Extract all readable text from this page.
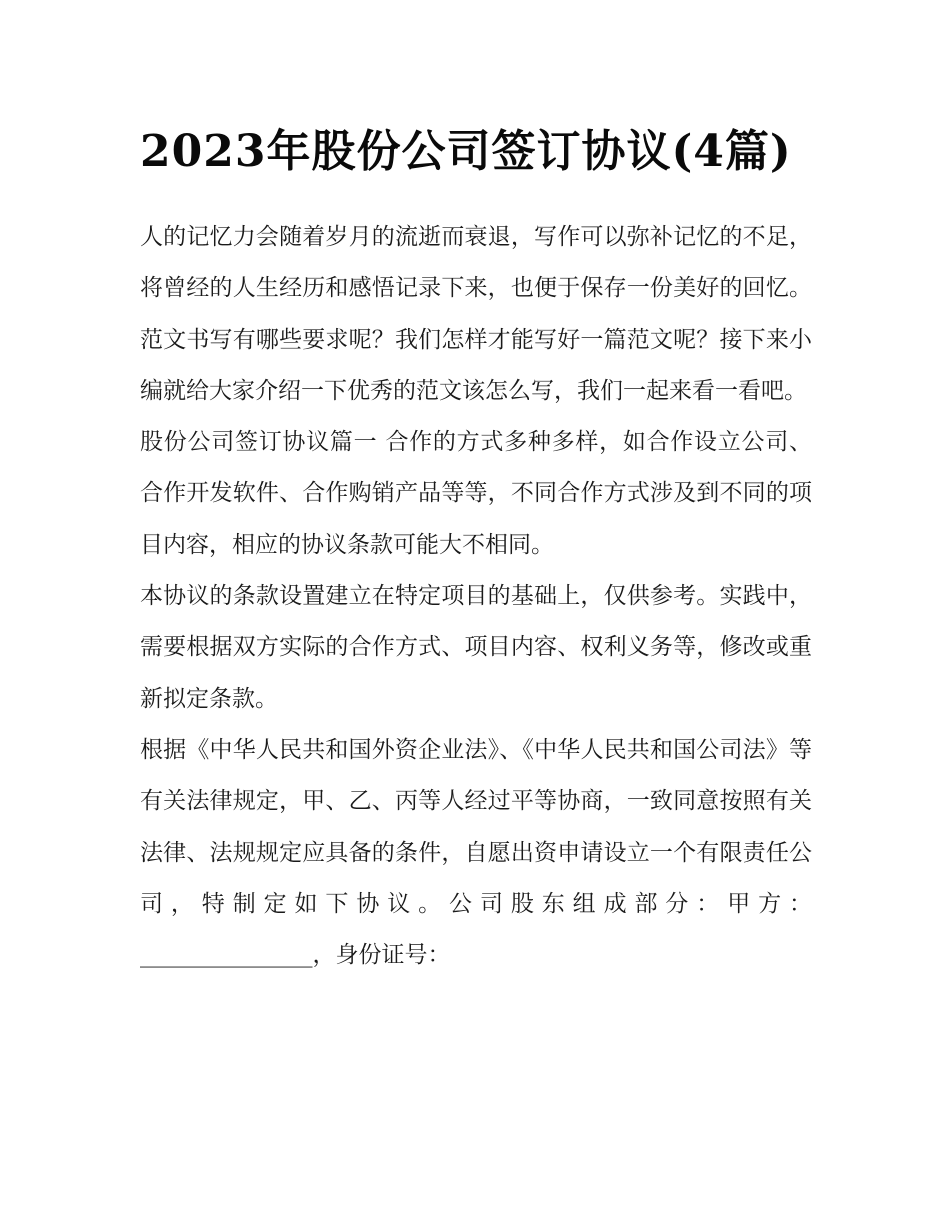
2023年股份公司签订协议(4篇)

人的记忆力会随着岁月的流逝而衰退，写作可以弥补记忆的不足，将曾经的人生经历和感悟记录下来，也便于保存一份美好的回忆。范文书写有哪些要求呢？我们怎样才能写好一篇范文呢？接下来小编就给大家介绍一下优秀的范文该怎么写，我们一起来看一看吧。

股份公司签订协议篇一 合作的方式多种多样，如合作设立公司、合作开发软件、合作购销产品等等，不同合作方式涉及到不同的项目内容，相应的协议条款可能大不相同。

本协议的条款设置建立在特定项目的基础上，仅供参考。实践中，需要根据双方实际的合作方式、项目内容、权利义务等，修改或重新拟定条款。

根据《中华人民共和国外资企业法》、《中华人民共和国公司法》等有关法律规定，甲、乙、丙等人经过平等协商，一致同意按照有关法律、法规规定应具备的条件，自愿出资申请设立一个有限责任公司，特制定如下协议。公司股东组成部分：甲方：_______________，身份证号：
